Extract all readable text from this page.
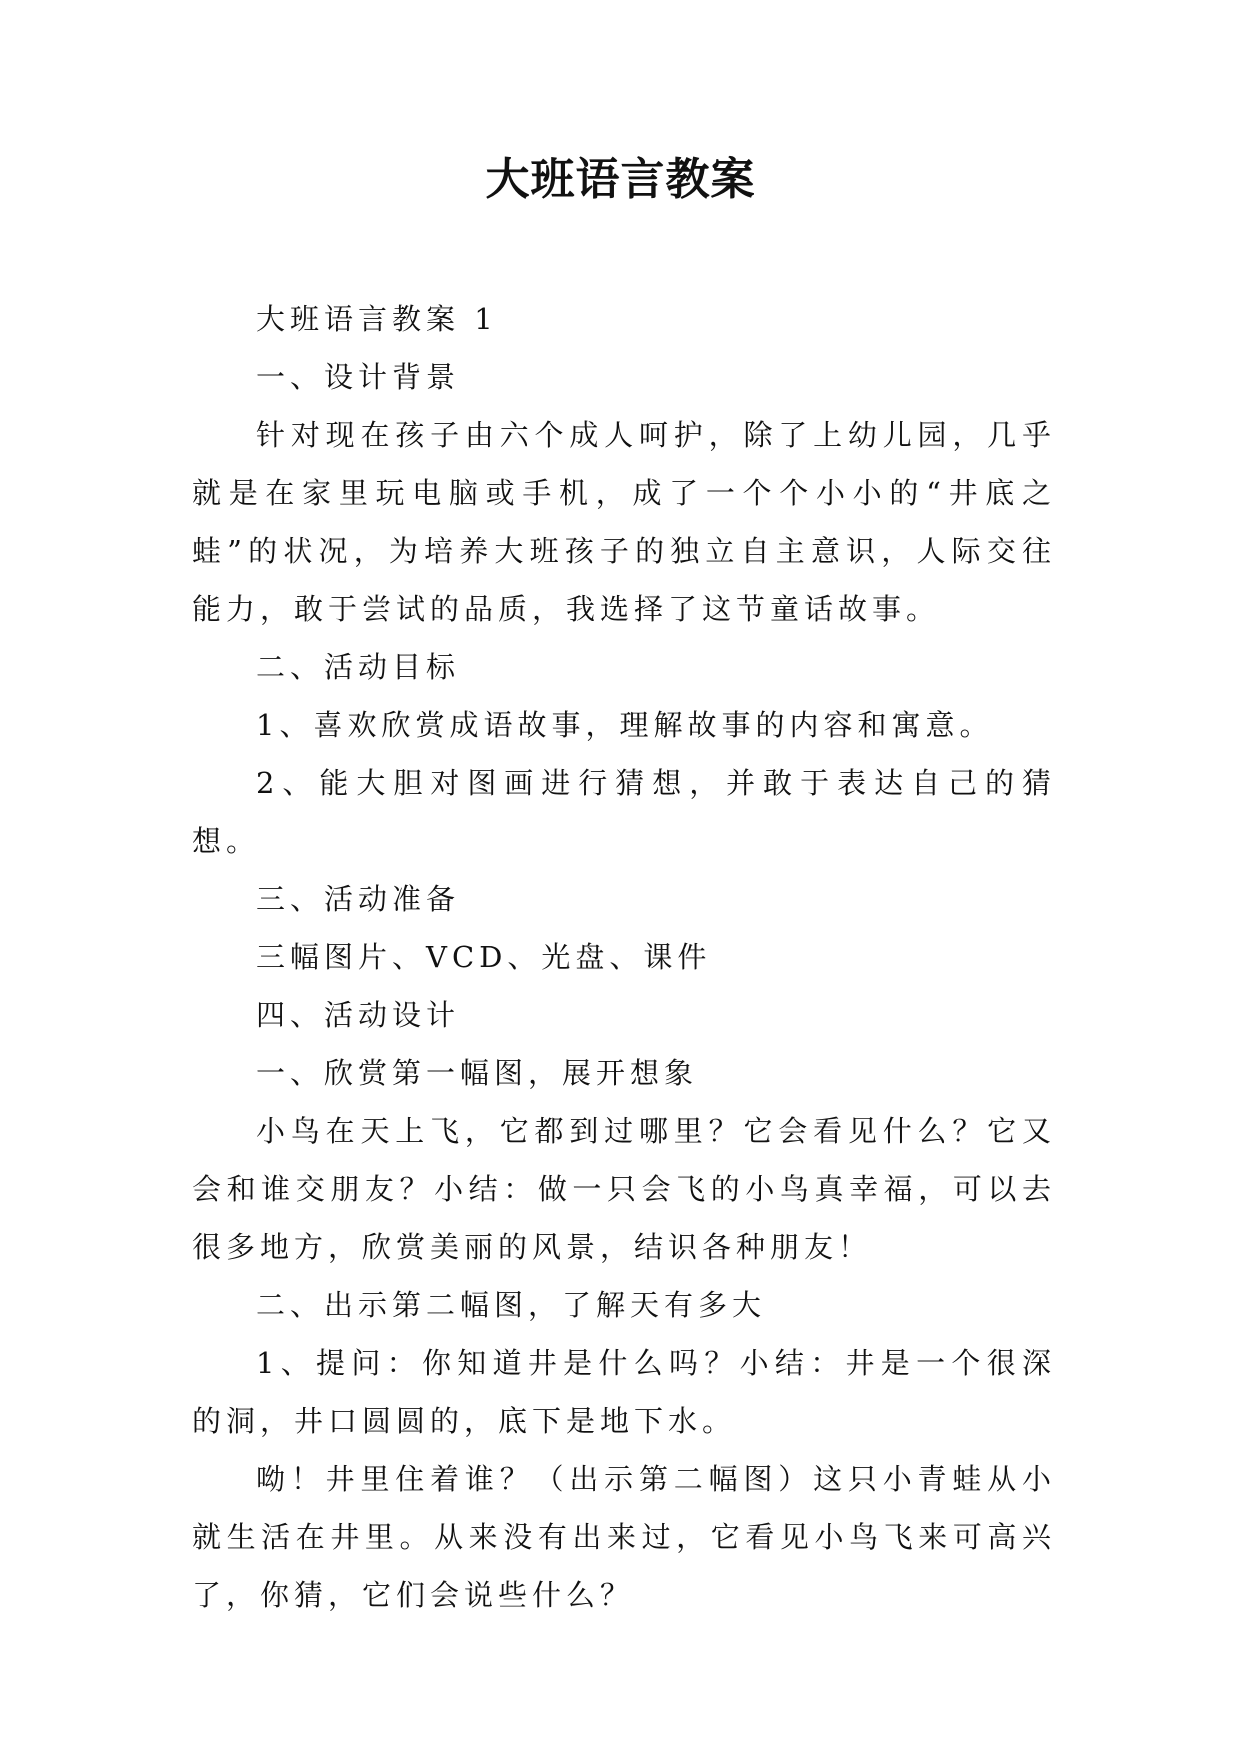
大班语言教案

大班语言教案 1

一、设计背景

针对现在孩子由六个成人呵护，除了上幼儿园，几乎就是在家里玩电脑或手机，成了一个个小小的“井底之蛙”的状况，为培养大班孩子的独立自主意识，人际交往能力，敢于尝试的品质，我选择了这节童话故事。

二、活动目标

1、喜欢欣赏成语故事，理解故事的内容和寓意。

2、能大胆对图画进行猜想，并敢于表达自己的猜想。

三、活动准备

三幅图片、VCD、光盘、课件

四、活动设计

一、欣赏第一幅图，展开想象

小鸟在天上飞，它都到过哪里？它会看见什么？它又会和谁交朋友？小结：做一只会飞的小鸟真幸福，可以去很多地方，欣赏美丽的风景，结识各种朋友！

二、出示第二幅图，了解天有多大

1、提问：你知道井是什么吗？小结：井是一个很深的洞，井口圆圆的，底下是地下水。

呦！井里住着谁？（出示第二幅图）这只小青蛙从小就生活在井里。从来没有出来过，它看见小鸟飞来可高兴了，你猜，它们会说些什么？
